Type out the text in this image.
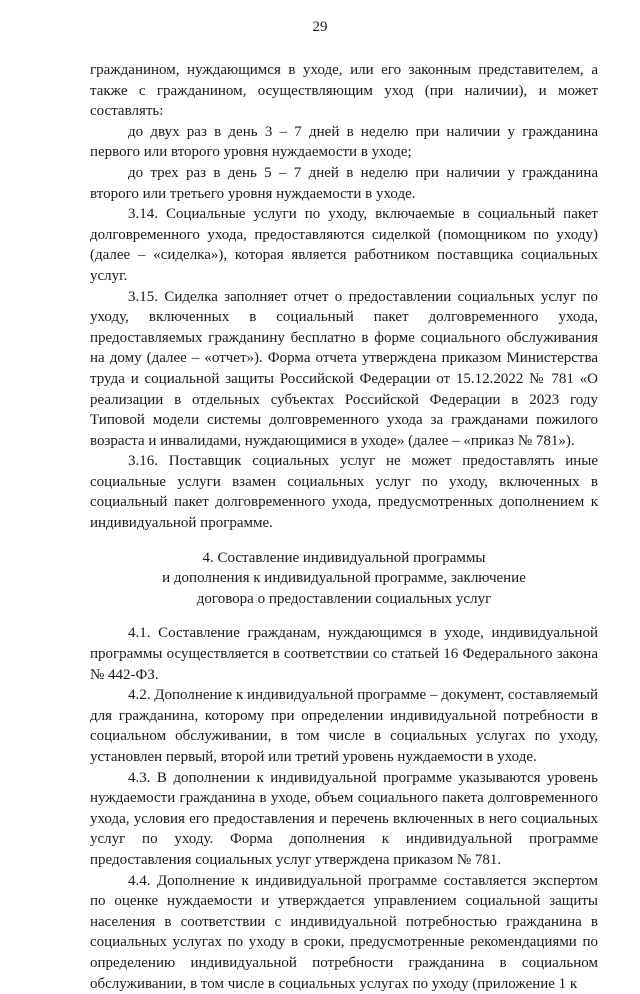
29

гражданином, нуждающимся в уходе, или его законным представителем, а также с гражданином, осуществляющим уход (при наличии), и может составлять:

до двух раз в день 3 – 7 дней в неделю при наличии у гражданина первого или второго уровня нуждаемости в уходе;

до трех раз в день 5 – 7 дней в неделю при наличии у гражданина второго или третьего уровня нуждаемости в уходе.

3.14. Социальные услуги по уходу, включаемые в социальный пакет долговременного ухода, предоставляются сиделкой (помощником по уходу) (далее – «сиделка»), которая является работником поставщика социальных услуг.

3.15. Сиделка заполняет отчет о предоставлении социальных услуг по уходу, включенных в социальный пакет долговременного ухода, предоставляемых гражданину бесплатно в форме социального обслуживания на дому (далее – «отчет»). Форма отчета утверждена приказом Министерства труда и социальной защиты Российской Федерации от 15.12.2022 № 781 «О реализации в отдельных субъектах Российской Федерации в 2023 году Типовой модели системы долговременного ухода за гражданами пожилого возраста и инвалидами, нуждающимися в уходе» (далее – «приказ № 781»).

3.16. Поставщик социальных услуг не может предоставлять иные социальные услуги взамен социальных услуг по уходу, включенных в социальный пакет долговременного ухода, предусмотренных дополнением к индивидуальной программе.

4. Составление индивидуальной программы

и дополнения к индивидуальной программе, заключение

договора о предоставлении социальных услуг

4.1. Составление гражданам, нуждающимся в уходе, индивидуальной программы осуществляется в соответствии со статьей 16 Федерального закона № 442-ФЗ.

4.2. Дополнение к индивидуальной программе – документ, составляемый для гражданина, которому при определении индивидуальной потребности в социальном обслуживании, в том числе в социальных услугах по уходу, установлен первый, второй или третий уровень нуждаемости в уходе.

4.3. В дополнении к индивидуальной программе указываются уровень нуждаемости гражданина в уходе, объем социального пакета долговременного ухода, условия его предоставления и перечень включенных в него социальных услуг по уходу. Форма дополнения к индивидуальной программе предоставления социальных услуг утверждена приказом № 781.

4.4. Дополнение к индивидуальной программе составляется экспертом по оценке нуждаемости и утверждается управлением социальной защиты населения в соответствии с индивидуальной потребностью гражданина в социальных услугах по уходу в сроки, предусмотренные рекомендациями по определению индивидуальной потребности гражданина в социальном обслуживании, в том числе в социальных услугах по уходу (приложение 1 к
